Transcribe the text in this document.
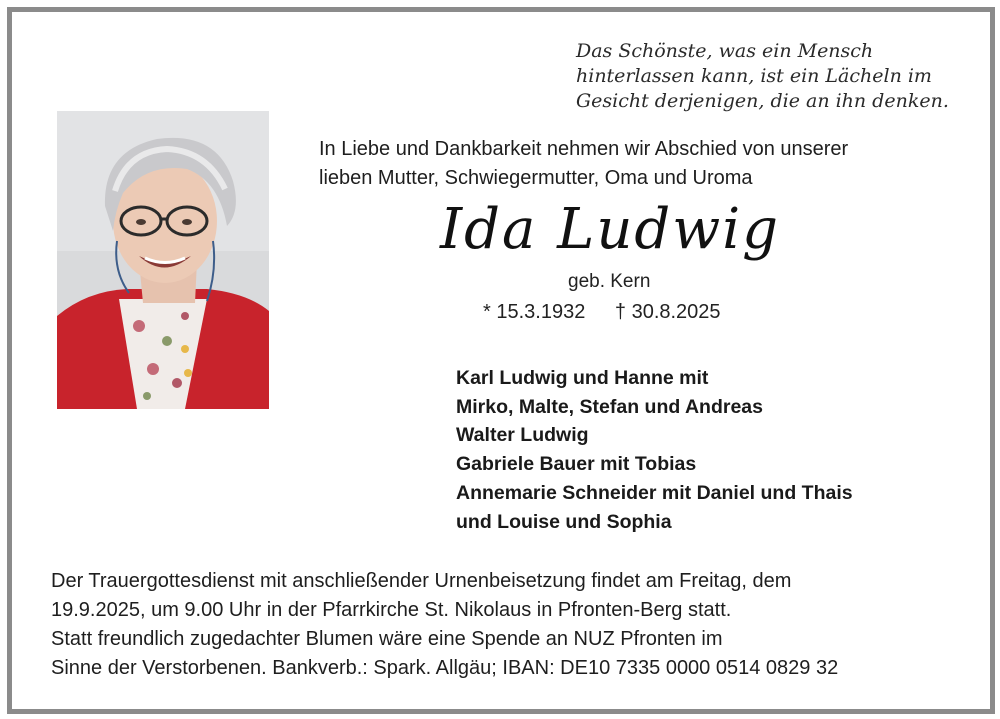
Das Schönste, was ein Mensch
hinterlassen kann, ist ein Lächeln im
Gesicht derjenigen, die an ihn denken.
In Liebe und Dankbarkeit nehmen wir Abschied von unserer
lieben Mutter, Schwiegermutter, Oma und Uroma
Ida Ludwig
geb. Kern
* 15.3.1932 † 30.8.2025
Karl Ludwig und Hanne mit
Mirko, Malte, Stefan und Andreas
Walter Ludwig
Gabriele Bauer mit Tobias
Annemarie Schneider mit Daniel und Thais
und Louise und Sophia
Der Trauergottesdienst mit anschließender Urnenbeisetzung findet am Freitag, dem
19.9.2025, um 9.00 Uhr in der Pfarrkirche St. Nikolaus in Pfronten-Berg statt.
Statt freundlich zugedachter Blumen wäre eine Spende an NUZ Pfronten im
Sinne der Verstorbenen. Bankverb.: Spark. Allgäu; IBAN: DE10 7335 0000 0514 0829 32
